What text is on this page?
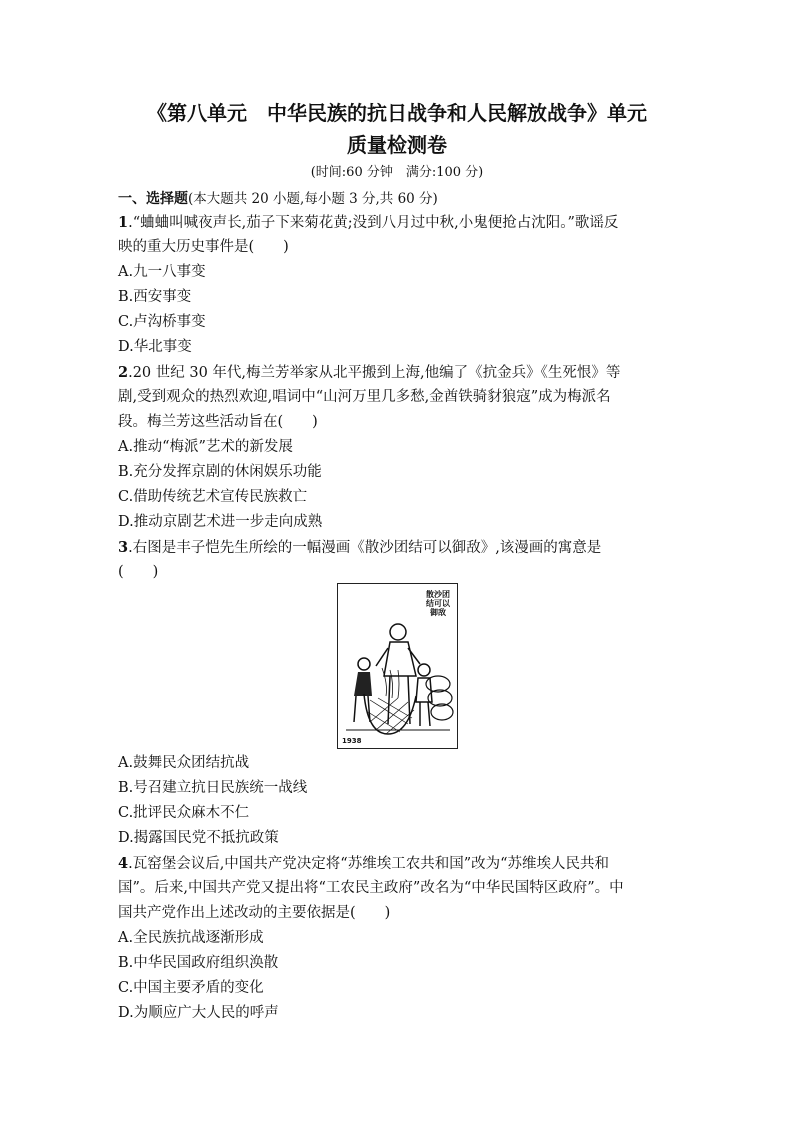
《第八单元　中华民族的抗日战争和人民解放战争》单元
质量检测卷
(时间:60 分钟　满分:100 分)
一、选择题(本大题共 20 小题,每小题 3 分,共 60 分)
1.“蛐蛐叫喊夜声长,茄子下来菊花黄;没到八月过中秋,小鬼便抢占沈阳。”歌谣反
映的重大历史事件是(　　)
A.九一八事变
B.西安事变
C.卢沟桥事变
D.华北事变
2.20 世纪 30 年代,梅兰芳举家从北平搬到上海,他编了《抗金兵》《生死恨》等
剧,受到观众的热烈欢迎,唱词中“山河万里几多愁,金酋铁骑豺狼寇”成为梅派名
段。梅兰芳这些活动旨在(　　)
A.推动“梅派”艺术的新发展
B.充分发挥京剧的休闲娱乐功能
C.借助传统艺术宣传民族救亡
D.推动京剧艺术进一步走向成熟
3.右图是丰子恺先生所绘的一幅漫画《散沙团结可以御敌》,该漫画的寓意是
(　　)
散沙团结可以御敌
1938
A.鼓舞民众团结抗战
B.号召建立抗日民族统一战线
C.批评民众麻木不仁
D.揭露国民党不抵抗政策
4.瓦窑堡会议后,中国共产党决定将“苏维埃工农共和国”改为“苏维埃人民共和
国”。后来,中国共产党又提出将“工农民主政府”改名为“中华民国特区政府”。中
国共产党作出上述改动的主要依据是(　　)
A.全民族抗战逐渐形成
B.中华民国政府组织涣散
C.中国主要矛盾的变化
D.为顺应广大人民的呼声
